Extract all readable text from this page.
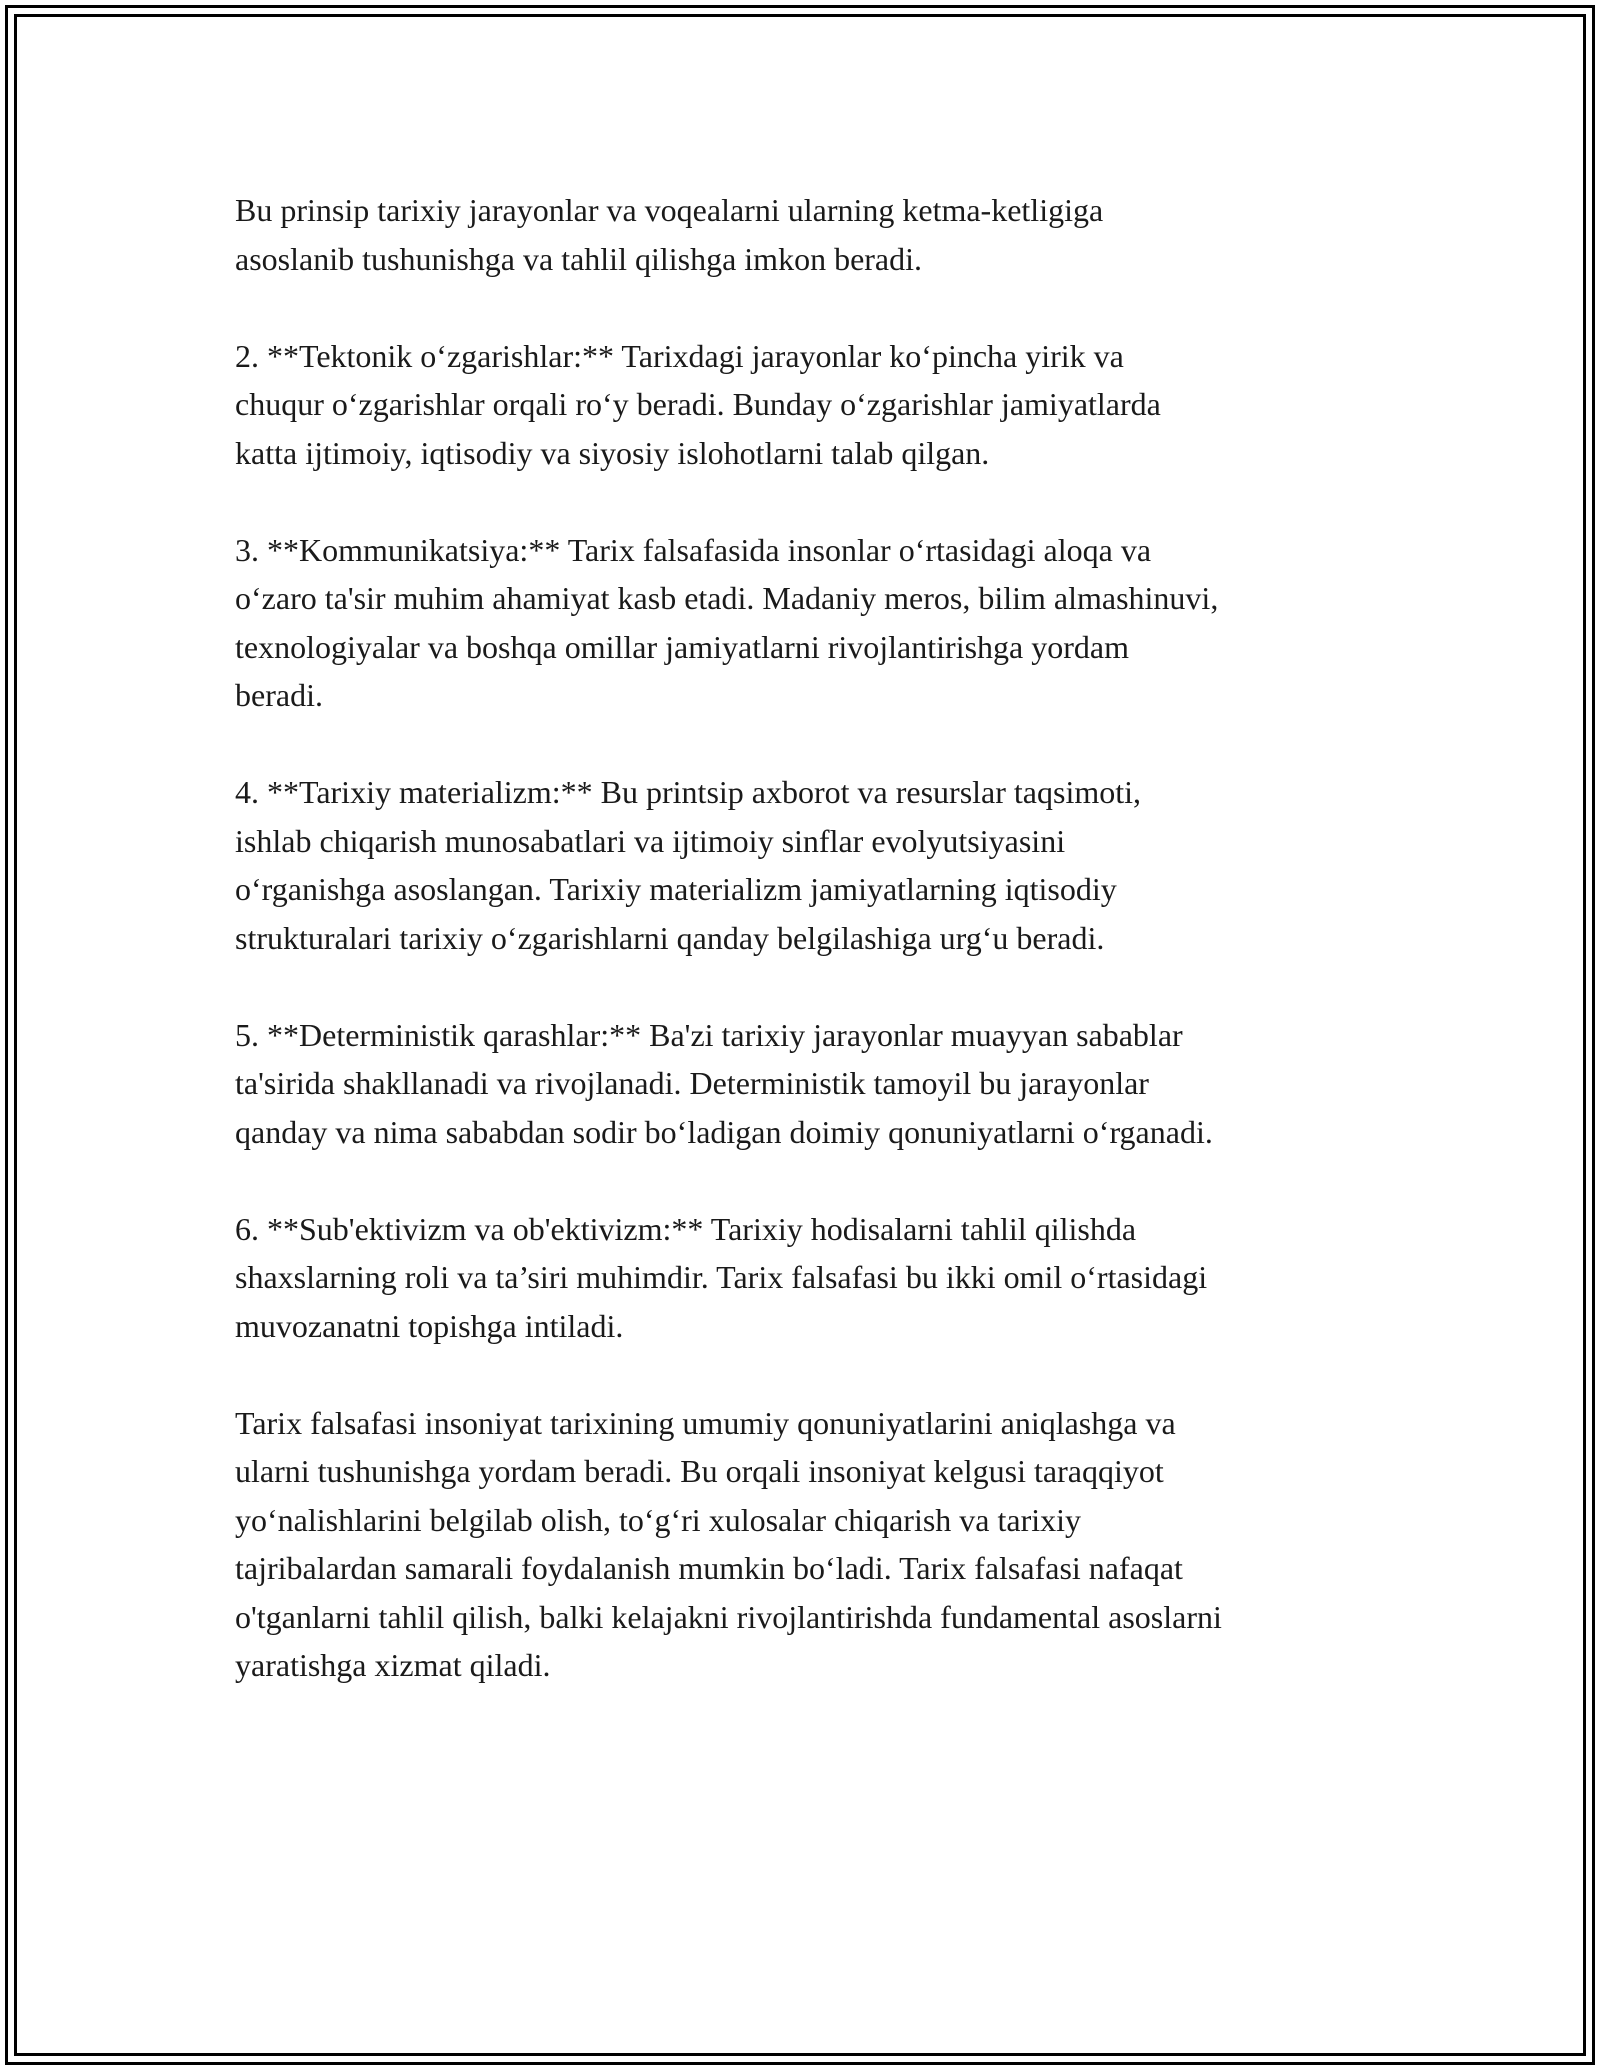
Bu prinsip tarixiy jarayonlar va voqealarni ularning ketma-ketligiga
asoslanib tushunishga va tahlil qilishga imkon beradi.

2. **Tektonik o‘zgarishlar:** Tarixdagi jarayonlar ko‘pincha yirik va
chuqur o‘zgarishlar orqali ro‘y beradi. Bunday o‘zgarishlar jamiyatlarda
katta ijtimoiy, iqtisodiy va siyosiy islohotlarni talab qilgan.

3. **Kommunikatsiya:** Tarix falsafasida insonlar o‘rtasidagi aloqa va
o‘zaro ta'sir muhim ahamiyat kasb etadi. Madaniy meros, bilim almashinuvi,
texnologiyalar va boshqa omillar jamiyatlarni rivojlantirishga yordam
beradi.

4. **Tarixiy materializm:** Bu printsip axborot va resurslar taqsimoti,
ishlab chiqarish munosabatlari va ijtimoiy sinflar evolyutsiyasini
o‘rganishga asoslangan. Tarixiy materializm jamiyatlarning iqtisodiy
strukturalari tarixiy o‘zgarishlarni qanday belgilashiga urg‘u beradi.

5. **Deterministik qarashlar:** Ba'zi tarixiy jarayonlar muayyan sabablar
ta'sirida shakllanadi va rivojlanadi. Deterministik tamoyil bu jarayonlar
qanday va nima sababdan sodir bo‘ladigan doimiy qonuniyatlarni o‘rganadi.

6. **Sub'ektivizm va ob'ektivizm:** Tarixiy hodisalarni tahlil qilishda
shaxslarning roli va ta’siri muhimdir. Tarix falsafasi bu ikki omil o‘rtasidagi
muvozanatni topishga intiladi.

Tarix falsafasi insoniyat tarixining umumiy qonuniyatlarini aniqlashga va
ularni tushunishga yordam beradi. Bu orqali insoniyat kelgusi taraqqiyot
yo‘nalishlarini belgilab olish, to‘g‘ri xulosalar chiqarish va tarixiy
tajribalardan samarali foydalanish mumkin bo‘ladi. Tarix falsafasi nafaqat
o'tganlarni tahlil qilish, balki kelajakni rivojlantirishda fundamental asoslarni
yaratishga xizmat qiladi.
